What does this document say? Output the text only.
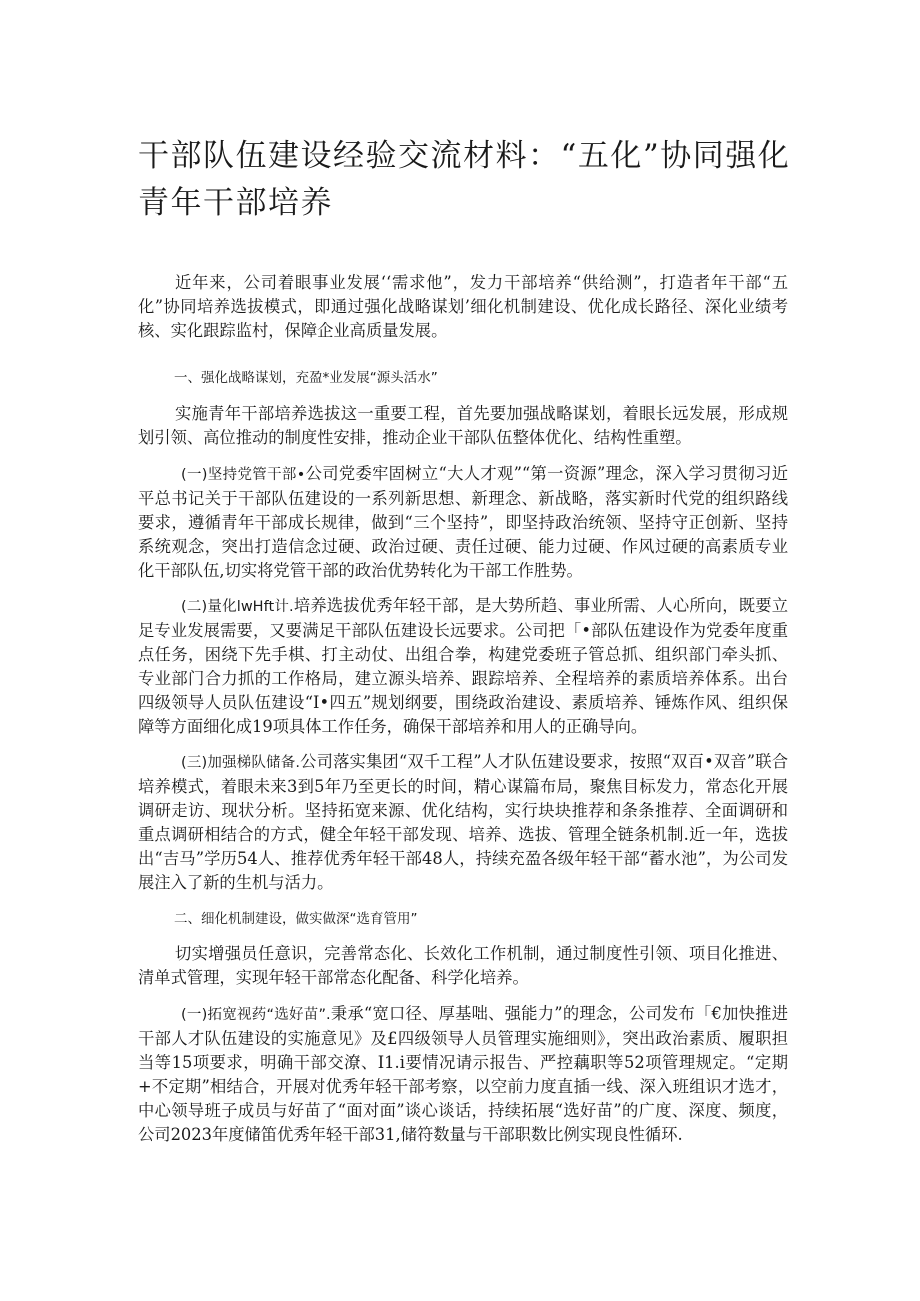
干部队伍建设经验交流材料：“五化”协同强化青年干部培养

近年来，公司着眼事业发展‘‘需求他”，发力干部培养“供给测”，打造者年干部“五化”协同培养选拔模式，即通过强化战略谋划’细化机制建设、优化成长路径、深化业绩考核、实化跟踪监村，保障企业高质量发展。

一、强化战略谋划，充盈*业发展“源头活水”

实施青年干部培养选拔这一重要工程，首先要加强战略谋划，着眼长远发展，形成规划引领、高位推动的制度性安排，推动企业干部队伍整体优化、结构性重塑。

(一)坚持党管干部•公司党委牢固树立“大人才观”“第一资源”理念，深入学习贯彻习近平总书记关于干部队伍建设的一系列新思想、新理念、新战略，落实新时代党的组织路线要求，遵循青年干部成长规律，做到“三个坚持”，即坚持政治统领、坚持守正创新、坚持系统观念，突出打造信念过硬、政治过硬、责任过硬、能力过硬、作风过硬的高素质专业化干部队伍,切实将党管干部的政治优势转化为干部工作胜势。

(二)量化lwHft计.培养选拔优秀年轻干部，是大势所趋、事业所需、人心所向，既要立足专业发展需要，又要满足干部队伍建设长远要求。公司把「•部队伍建设作为党委年度重点任务，困绕下先手棋、打主动仗、出组合拳，构建党委班子管总抓、组织部门牵头抓、专业部门合力抓的工作格局，建立源头培养、跟踪培养、全程培养的素质培养体系。出台四级领导人员队伍建设“I•四五”规划纲要，围绕政治建设、素质培养、锤炼作风、组织保障等方面细化成19项具体工作任务，确保干部培养和用人的正确导向。

(三)加强梯队储备.公司落实集团“双千工程”人才队伍建设要求，按照“双百•双音”联合培养模式，着眼未来3到5年乃至更长的时间，精心谋篇布局，聚焦目标发力，常态化开展调研走访、现状分析。坚持拓宽来源、优化结构，实行块块推荐和条条推荐、全面调研和重点调研相结合的方式，健全年轻干部发现、培养、选拔、管理全链条机制.近一年，选拔出“吉马”学历54人、推荐优秀年轻干部48人，持续充盈各级年轻干部“蓄水池”，为公司发展注入了新的生机与活力。

二、细化机制建设，做实做深“选育管用”

切实增强员任意识，完善常态化、长效化工作机制，通过制度性引领、项目化推进、清单式管理，实现年轻干部常态化配备、科学化培养。

(一)拓宽视药“选好苗”.秉承“宽口径、厚基咄、强能力”的理念，公司发布「€加快推进干部人才队伍建设的实施意见》及£四级领导人员管理实施细则》，突出政治素质、履职担当等15项要求，明确干部交潦、I1.i要情况请示报告、严控藕职等52项管理规定。“定期+不定期”相结合，开展对优秀年轻干部考察，以空前力度直插一线、深入班组识才选才，中心领导班子成员与好苗了“面对面”谈心谈话，持续拓展“选好苗”的广度、深度、频度，公司2023年度储笛优秀年轻干部31,储符数量与干部职数比例实现良性循环.
